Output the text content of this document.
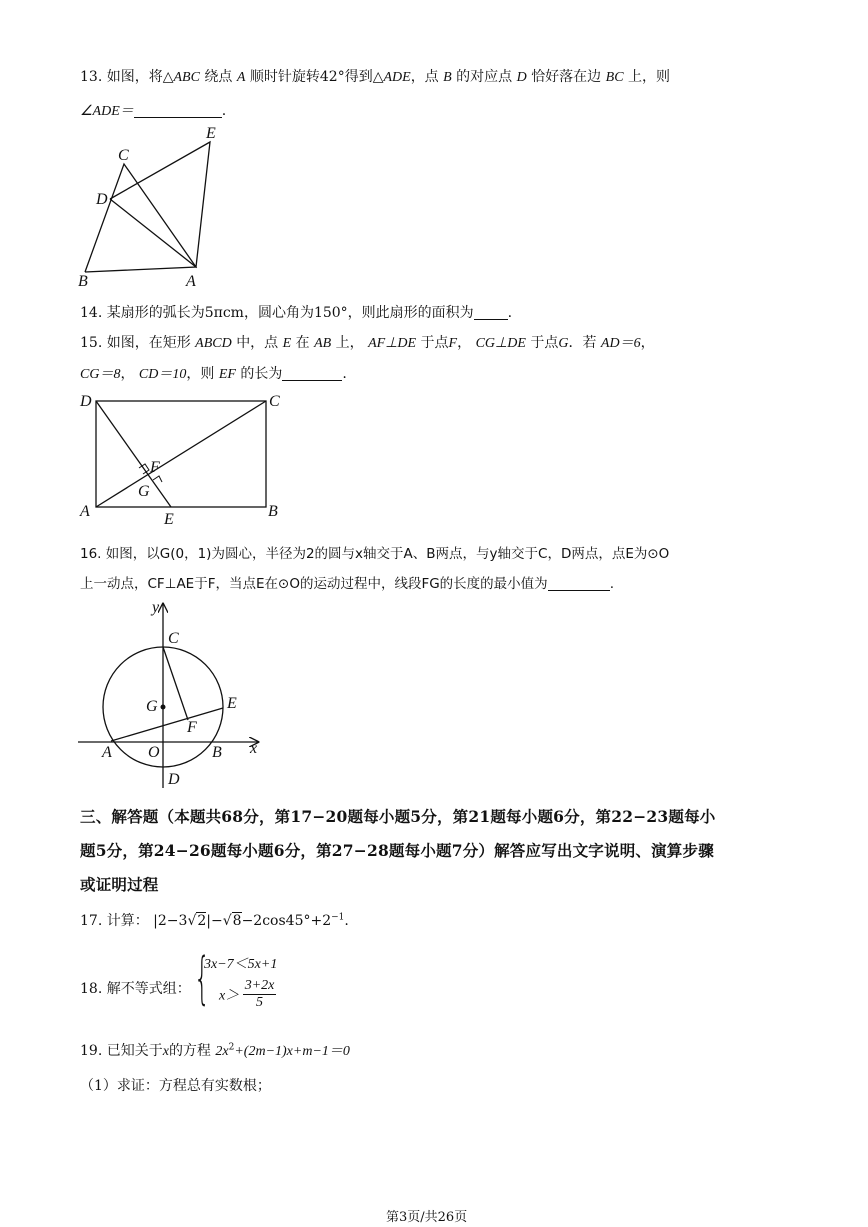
13. 如图，将△ABC 绕点 A 顺时针旋转42°得到△ADE，点 B 的对应点 D 恰好落在边 BC 上，则
∠ADE＝	.
C
E
D
B	A
14. 某扇形的弧长为5πcm，圆心角为150°，则此扇形的面积为 .
15. 如图，在矩形 ABCD 中，点 E 在 AB 上， AF⊥DE 于点F， CG⊥DE 于点G．若 AD＝6，
CG＝8， CD＝10，则 EF 的长为	.
D	C
F
G
A	E	B
16. 如图，以G(0，1)为圆心，半径为2的圆与x轴交于A、B两点，与y轴交于C，D两点，点E为⊙O
上一动点，CF⊥AE于F，当点E在⊙O的运动过程中，线段FG的长度的最小值为	.
y
C
G	E
F
A O	B x
D
三、解答题（本题共68分，第17−20题每小题5分，第21题每小题6分，第22−23题每小
题5分，第24−26题每小题6分，第27−28题每小题7分）解答应写出文字说明、演算步骤
或证明过程
17. 计算： $|2-3√2|-√8-2\cos 45^\circ+2^{-1}$.
18. 解不等式组： {
3x−7＜5x+1
$x> \frac{3+2x}{5}$
19. 已知关于x的方程 $2x^2+(2m-1)x+m-1=0$
（1）求证：方程总有实数根；
第3页/共26页
